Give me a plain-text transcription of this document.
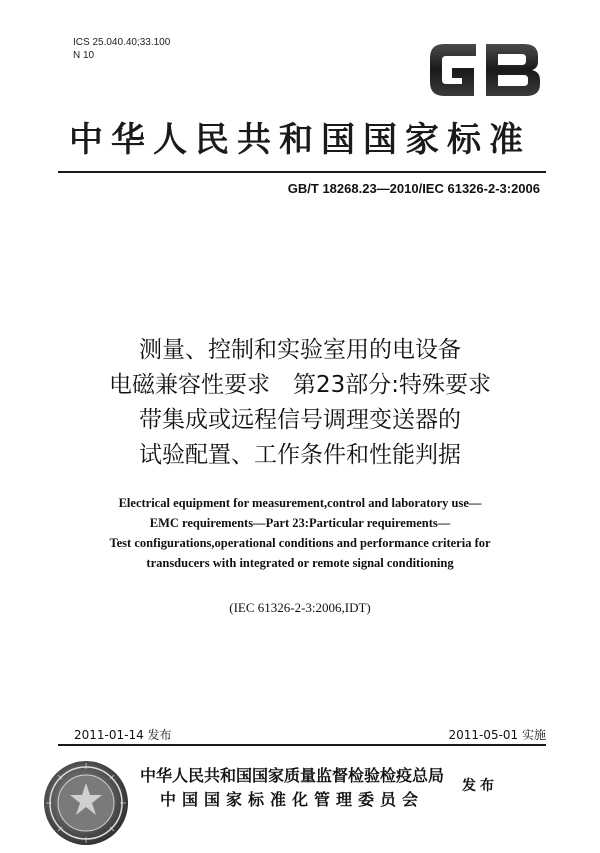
ICS 25.040.40;33.100
N 10
中华人民共和国国家标准
GB/T 18268.23—2010/IEC 61326-2-3:2006
测量、控制和实验室用的电设备
电磁兼容性要求　第23部分:特殊要求
带集成或远程信号调理变送器的
试验配置、工作条件和性能判据
Electrical equipment for measurement,control and laboratory use—
EMC requirements—Part 23:Particular requirements—
Test configurations,operational conditions and performance criteria for
transducers with integrated or remote signal conditioning
(IEC 61326-2-3:2006,IDT)
2011-01-14 发布	2011-05-01 实施
中华人民共和国国家质量监督检验检疫总局
中国国家标准化管理委员会
发布
